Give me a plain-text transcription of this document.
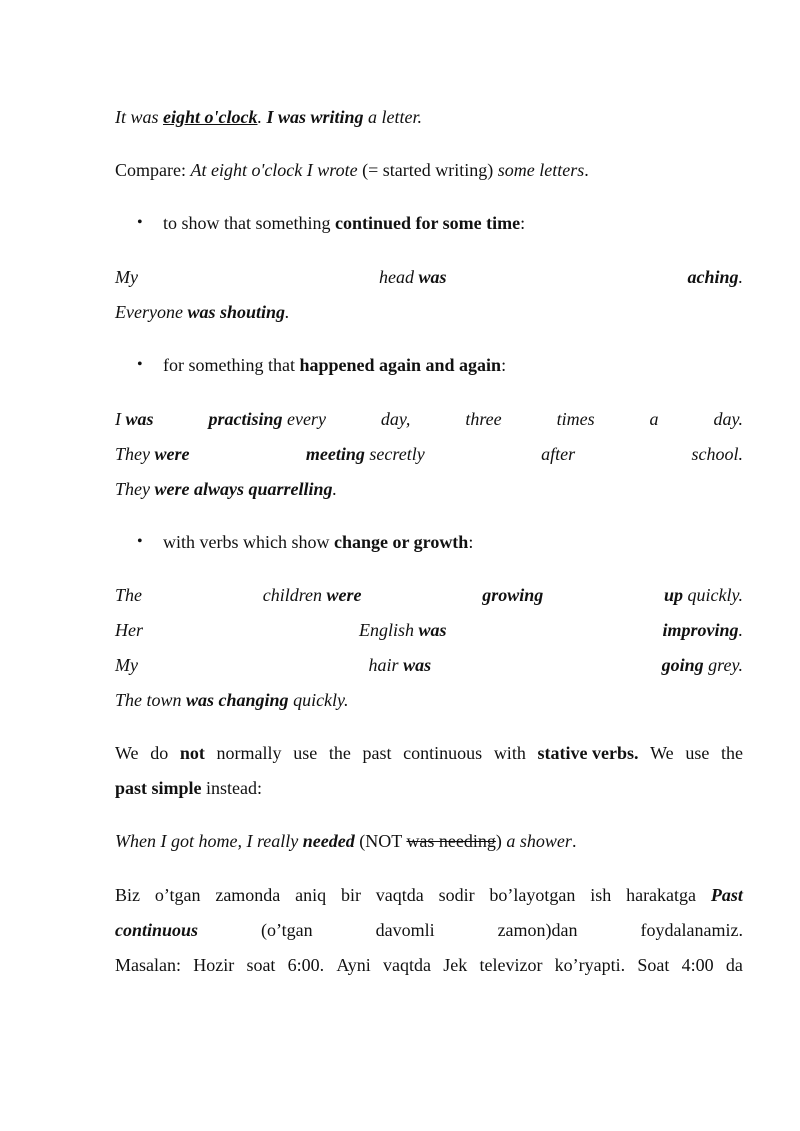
It was eight o'clock. I was writing a letter.
Compare: At eight o'clock I wrote (= started writing) some letters.
• to show that something continued for some time:
My	head was	aching.
Everyone was shouting.
• for something that happened again and again:
I was	practising every	day,	three	times	a	day.
They were	meeting secretly	after	school.
They were always quarrelling.
• with verbs which show change or growth:
The	children were	growing	up quickly.
Her	English was	improving.
My	hair was	going grey.
The town was changing quickly.
We do not normally use the past continuous with stative verbs. We use the
past simple instead:
When I got home, I really needed (NOT was needing) a shower.
Biz o’tgan zamonda aniq bir vaqtda sodir bo’layotgan ish harakatga Past
continuous	(o’tgan	davomli	zamon)dan	foydalanamiz.
Masalan: Hozir soat 6:00. Ayni vaqtda Jek televizor ko’ryapti. Soat 4:00 da
